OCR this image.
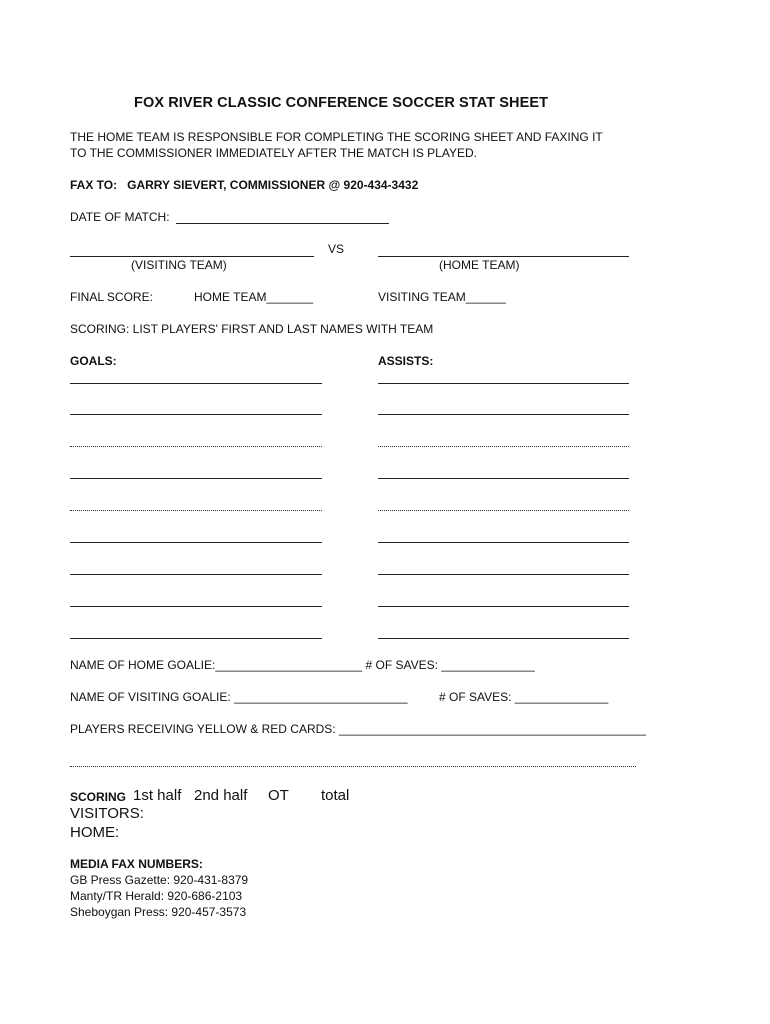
FOX RIVER CLASSIC CONFERENCE SOCCER STAT SHEET
THE HOME TEAM IS RESPONSIBLE FOR COMPLETING THE SCORING SHEET AND FAXING IT
TO THE COMMISSIONER IMMEDIATELY AFTER THE MATCH IS PLAYED.
FAX TO:   GARRY SIEVERT, COMMISSIONER @ 920-434-3432
DATE OF MATCH:
VS
(VISITING TEAM)	(HOME TEAM)
FINAL SCORE:	HOME TEAM_______	VISITING TEAM______
SCORING: LIST PLAYERS' FIRST AND LAST NAMES WITH TEAM
GOALS:	ASSISTS:
NAME OF HOME GOALIE:______________________ # OF SAVES: ______________
NAME OF VISITING GOALIE: __________________________	# OF SAVES: ______________
PLAYERS RECEIVING YELLOW & RED CARDS: ______________________________________________
SCORING 1st half 2nd half OT total
VISITORS:
HOME:
MEDIA FAX NUMBERS:
GB Press Gazette: 920-431-8379
Manty/TR Herald: 920-686-2103
Sheboygan Press: 920-457-3573
